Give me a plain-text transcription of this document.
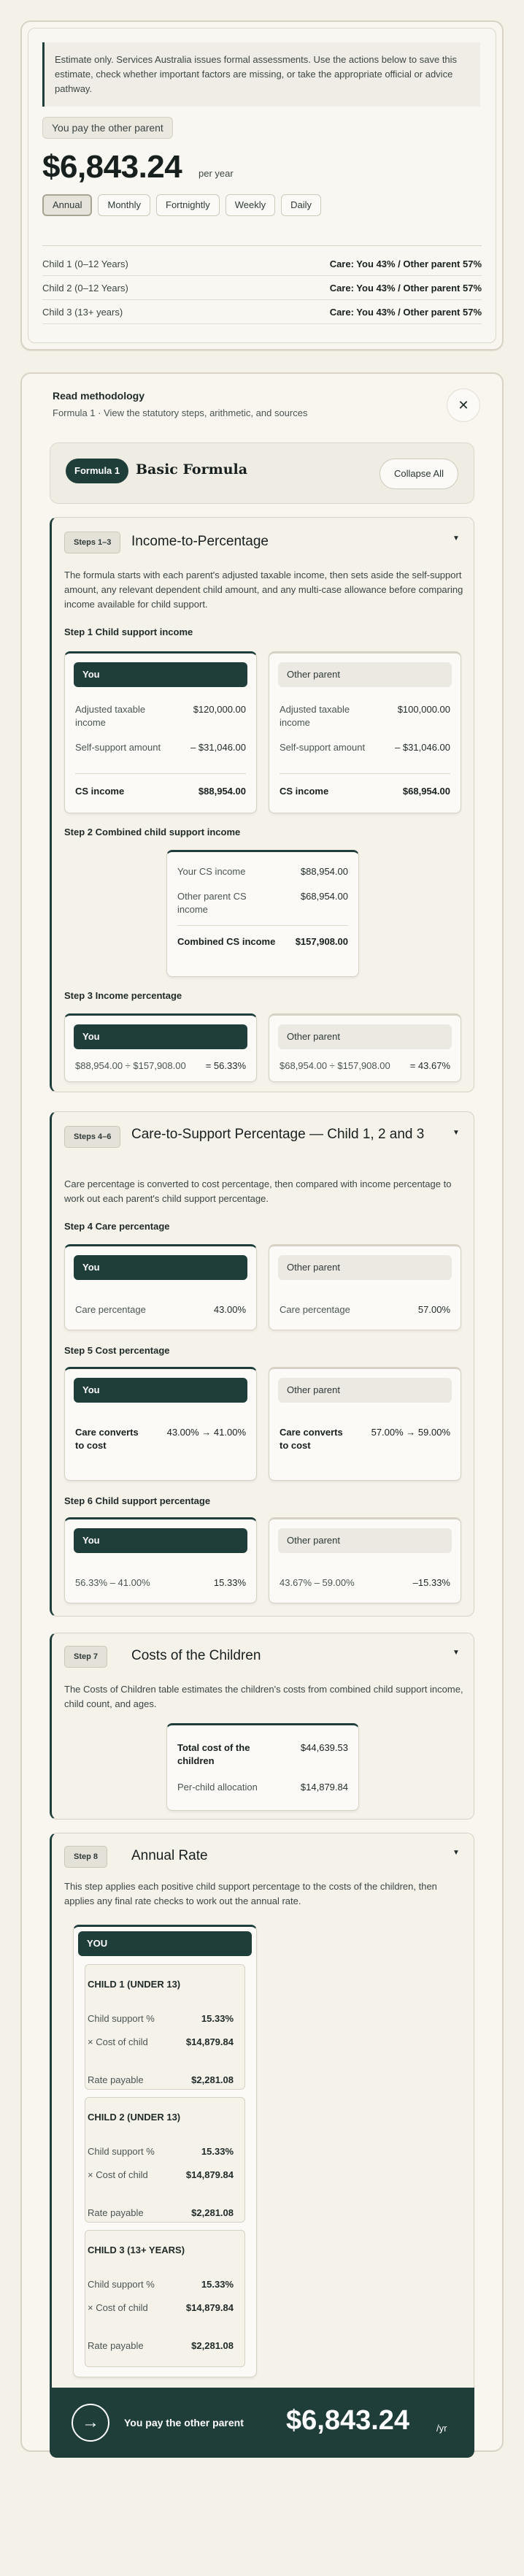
Estimate only. Services Australia issues formal assessments. Use the actions below to save this estimate, check whether important factors are missing, or take the appropriate official or advice pathway.
You pay the other parent
$6,843.24 per year
Annual	Monthly	Fortnightly	Weekly	Daily
Child 1 (0–12 Years)	Care: You 43% / Other parent 57%
Child 2 (0–12 Years)	Care: You 43% / Other parent 57%
Child 3 (13+ years)	Care: You 43% / Other parent 57%
Read methodology
Formula 1 · View the statutory steps, arithmetic, and sources
✕
Formula 1	Basic Formula	Collapse All
Steps 1–3	Income-to-Percentage	▼
The formula starts with each parent's adjusted taxable income, then sets aside the self-support amount, any relevant dependent child amount, and any multi-case allowance before comparing income available for child support.
Step 1 Child support income
You
Adjusted taxable income
$120,000.00
Self-support amount	– $31,046.00
CS income	$88,954.00
Other parent
Adjusted taxable income
$100,000.00
Self-support amount	– $31,046.00
CS income	$68,954.00
Step 2 Combined child support income
Your CS income	$88,954.00
Other parent CS income
$68,954.00
Combined CS income $157,908.00
Step 3 Income percentage
You
$88,954.00 ÷ $157,908.00 = 56.33%
Other parent
$68,954.00 ÷ $157,908.00 = 43.67%
Steps 4–6	Care-to-Support Percentage — Child 1, 2 and 3	▼
Care percentage is converted to cost percentage, then compared with income percentage to work out each parent's child support percentage.
Step 4 Care percentage
You
Care percentage	43.00%
Other parent
Care percentage	57.00%
Step 5 Cost percentage
You
Care converts to cost
43.00% → 41.00%
Other parent
Care converts to cost
57.00% → 59.00%
Step 6 Child support percentage
You
56.33% – 41.00%	15.33%
Other parent
43.67% – 59.00%	–15.33%
Step 7	Costs of the Children	▼
The Costs of Children table estimates the children's costs from combined child support income, child count, and ages.
Total cost of the children
$44,639.53
Per-child allocation	$14,879.84
Step 8	Annual Rate	▼
This step applies each positive child support percentage to the costs of the children, then applies any final rate checks to work out the annual rate.
YOU
CHILD 1 (UNDER 13)
Child support %	15.33%
× Cost of child	$14,879.84
Rate payable	$2,281.08
CHILD 2 (UNDER 13)
Child support %	15.33%
× Cost of child	$14,879.84
Rate payable	$2,281.08
CHILD 3 (13+ YEARS)
Child support %	15.33%
× Cost of child	$14,879.84
Rate payable	$2,281.08
→	You pay the other parent $6,843.24	/yr
